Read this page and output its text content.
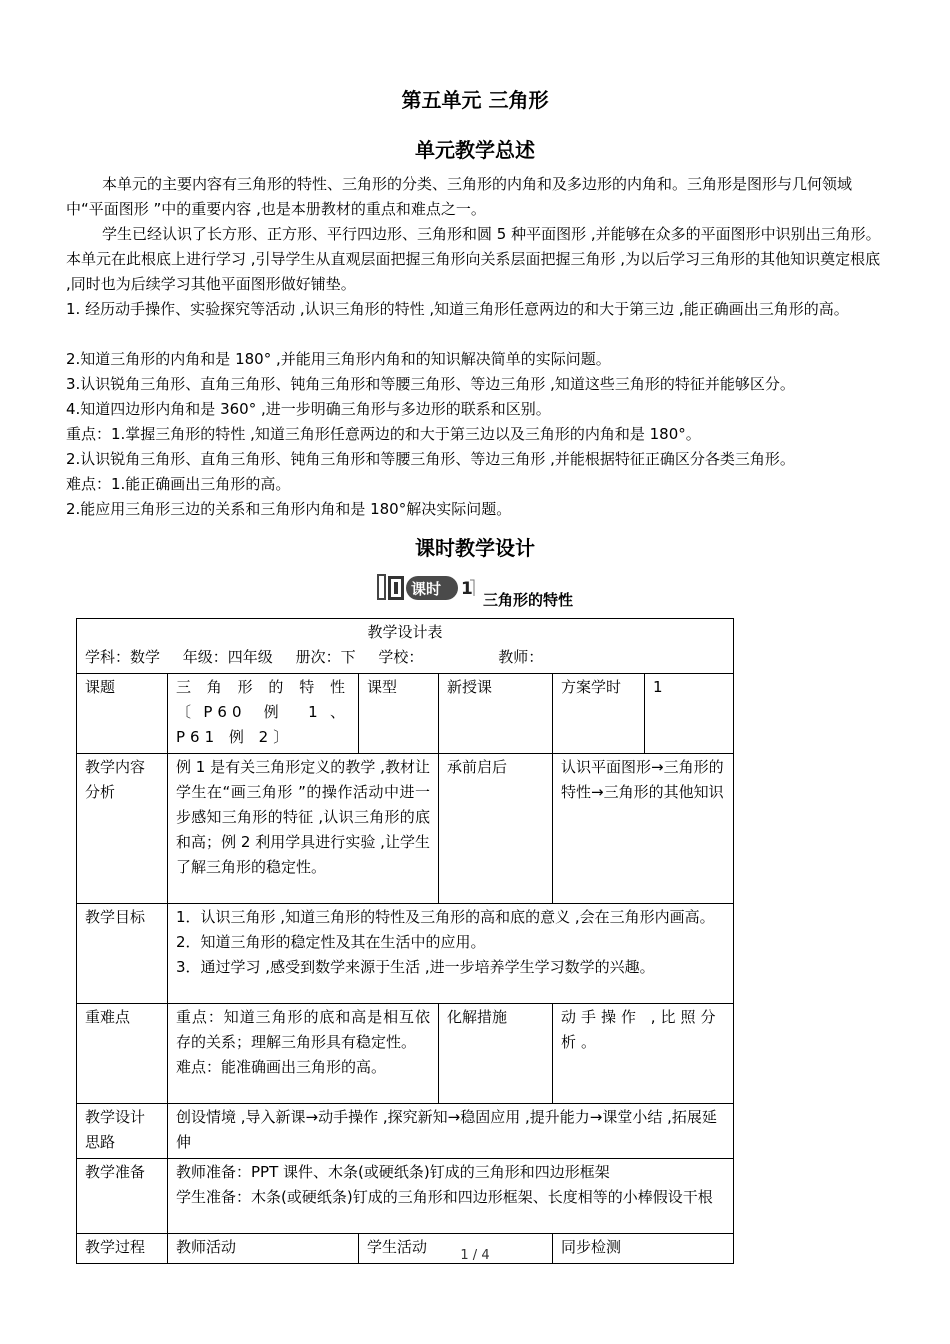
第五单元 三角形
单元教学总述
本单元的主要内容有三角形的特性、三角形的分类、三角形的内角和及多边形的内角和。三角形是图形与几何领域中“平面图形 ”中的重要内容 ,也是本册教材的重点和难点之一。
学生已经认识了长方形、正方形、平行四边形、三角形和圆 5 种平面图形 ,并能够在众多的平面图形中识别出三角形。本单元在此根底上进行学习 ,引导学生从直观层面把握三角形向关系层面把握三角形 ,为以后学习三角形的其他知识奠定根底 ,同时也为后续学习其他平面图形做好铺垫。
1. 经历动手操作、实验探究等活动 ,认识三角形的特性 ,知道三角形任意两边的和大于第三边 ,能正确画出三角形的高。
2.知道三角形的内角和是 180° ,并能用三角形内角和的知识解决简单的实际问题。
3.认识锐角三角形、直角三角形、钝角三角形和等腰三角形、等边三角形 ,知道这些三角形的特征并能够区分。
4.知道四边形内角和是 360° ,进一步明确三角形与多边形的联系和区别。
重点：1.掌握三角形的特性 ,知道三角形任意两边的和大于第三边以及三角形的内角和是 180°。
2.认识锐角三角形、直角三角形、钝角三角形和等腰三角形、等边三角形 ,并能根据特征正确区分各类三角形。
难点：1.能正确画出三角形的高。
2.能应用三角形三边的关系和三角形内角和是 180°解决实际问题。
课时教学设计
课时 1
三角形的特性
教学设计表
学科：数学 年级：四年级 册次：下 学校： 教师：					

课题	三角形的特性〔P60 例 1、P61 例 2〕	课型	新授课	方案学时	1
教学内容分析	例 1 是有关三角形定义的教学 ,教材让学生在“画三角形 ”的操作活动中进一步感知三角形的特征 ,认识三角形的底和高；例 2 利用学具进行实验 ,让学生了解三角形的稳定性。		承前启后	认识平面图形→三角形的特性→三角形的其他知识	
教学目标	1．认识三角形 ,知道三角形的特性及三角形的高和底的意义 ,会在三角形内画高。
2．知道三角形的稳定性及其在生活中的应用。
3．通过学习 ,感受到数学来源于生活 ,进一步培养学生学习数学的兴趣。				

重难点	重点：知道三角形的底和高是相互依存的关系；理解三角形具有稳定性。
难点：能准确画出三角形的高。		化解措施	动手操作 ,比照分析。	
教学设计思路	创设情境 ,导入新课→动手操作 ,探究新知→稳固应用 ,提升能力→课堂小结 ,拓展延伸				
教学准备	教师准备：PPT 课件、木条(或硬纸条)钉成的三角形和四边形框架
学生准备：木条(或硬纸条)钉成的三角形和四边形框架、长度相等的小棒假设干根				

教学过程	教师活动	学生活动		同步检测	
1 / 4
